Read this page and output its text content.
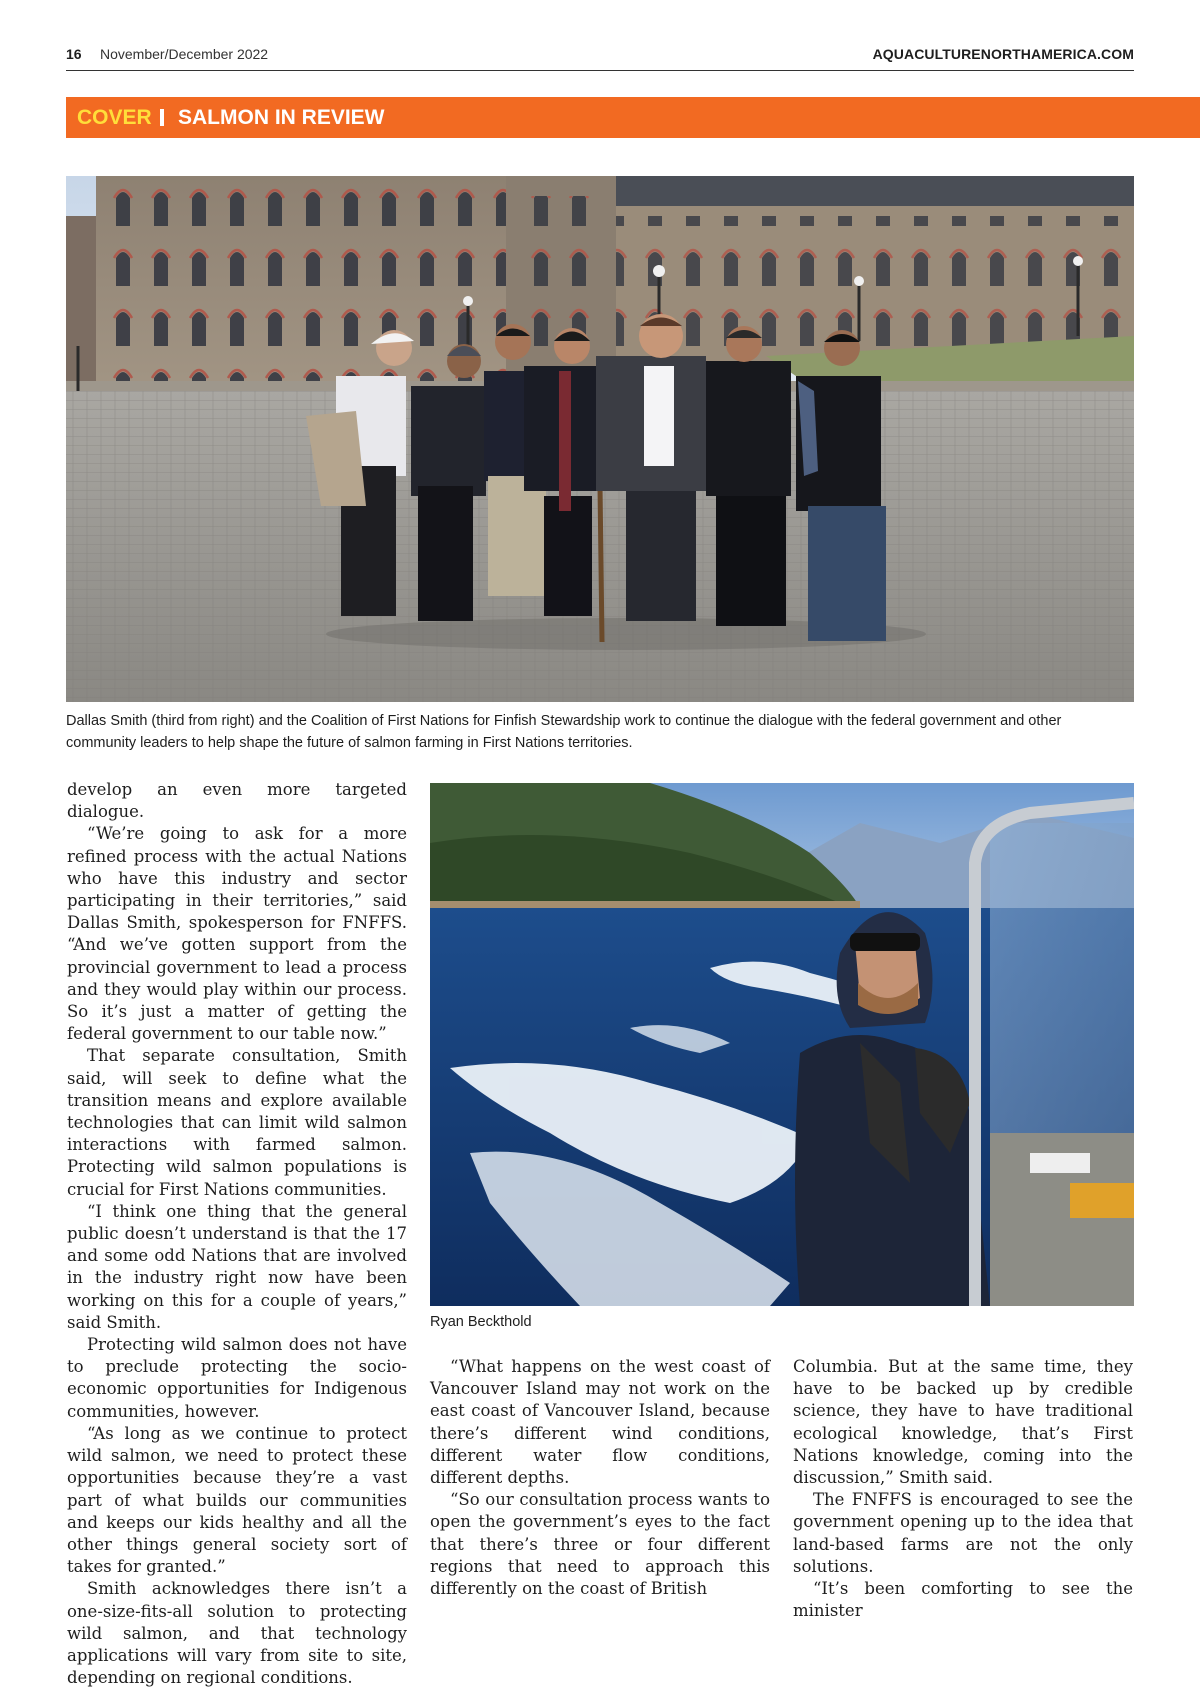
16 November/December 2022	AQUACULTURENORTHAMERICA.COM
COVER SALMON IN REVIEW
Dallas Smith (third from right) and the Coalition of First Nations for Finfish Stewardship work to continue the dialogue with the federal government and other community leaders to help shape the future of salmon farming in First Nations territories.

develop an even more targeted dialogue.

“We’re going to ask for a more refined process with the actual Nations who have this industry and sector participating in their territories,” said Dallas Smith, spokesperson for FNFFS. “And we’ve gotten support from the provincial government to lead a process and they would play within our process. So it’s just a matter of getting the federal government to our table now.”

That separate consultation, Smith said, will seek to define what the transition means and explore available technologies that can limit wild salmon interactions with farmed salmon. Protecting wild salmon populations is crucial for First Nations communities.

“I think one thing that the general public doesn’t understand is that the 17 and some odd Nations that are involved in the industry right now have been working on this for a couple of years,” said Smith.

Protecting wild salmon does not have to preclude protecting the socio-economic opportunities for Indigenous communities, however.

“As long as we continue to protect wild salmon, we need to protect these opportunities because they’re a vast part of what builds our communities and keeps our kids healthy and all the other things general society sort of takes for granted.”

Smith acknowledges there isn’t a one-size-fits-all solution to protecting wild salmon, and that technology applications will vary from site to site, depending on regional conditions.

Ryan Beckthold

“What happens on the west coast of Vancouver Island may not work on the east coast of Vancouver Island, because there’s different wind conditions, different water flow conditions, different depths.

“So our consultation process wants to open the government’s eyes to the fact that there’s three or four different regions that need to approach this differently on the coast of British

Columbia. But at the same time, they have to be backed up by credible science, they have to have traditional ecological knowledge, that’s First Nations knowledge, coming into the discussion,” Smith said.

The FNFFS is encouraged to see the government opening up to the idea that land-based farms are not the only solutions.

“It’s been comforting to see the minister
